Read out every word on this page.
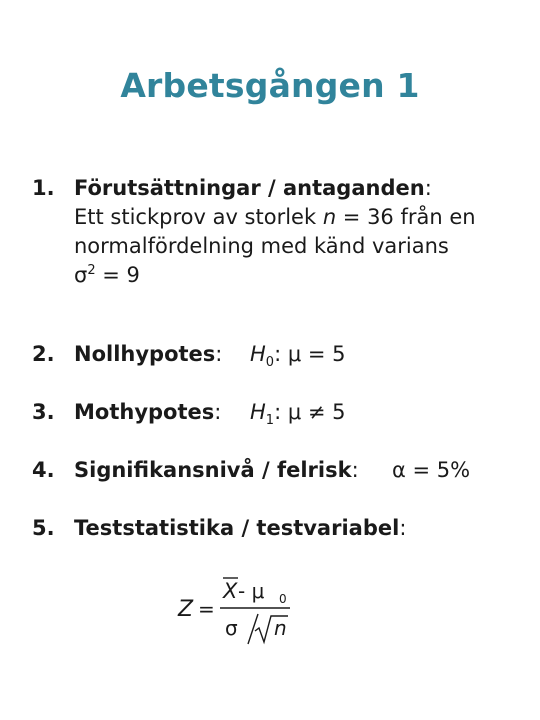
Arbetsgången 1
1. Förutsättningar / antaganden:
Ett stickprov av storlek n = 36 från en
normalfördelning med känd varians
$\sigma^2 = 9$
2. Nollhypotes: $H_0$: μ = 5
3. Mothypotes: $H_1$: μ ≠ 5
4. Signifikansnivå / felrisk: α = 5%
5. Teststatistika / testvariabel:
Z =
X - μ 0
σ n
